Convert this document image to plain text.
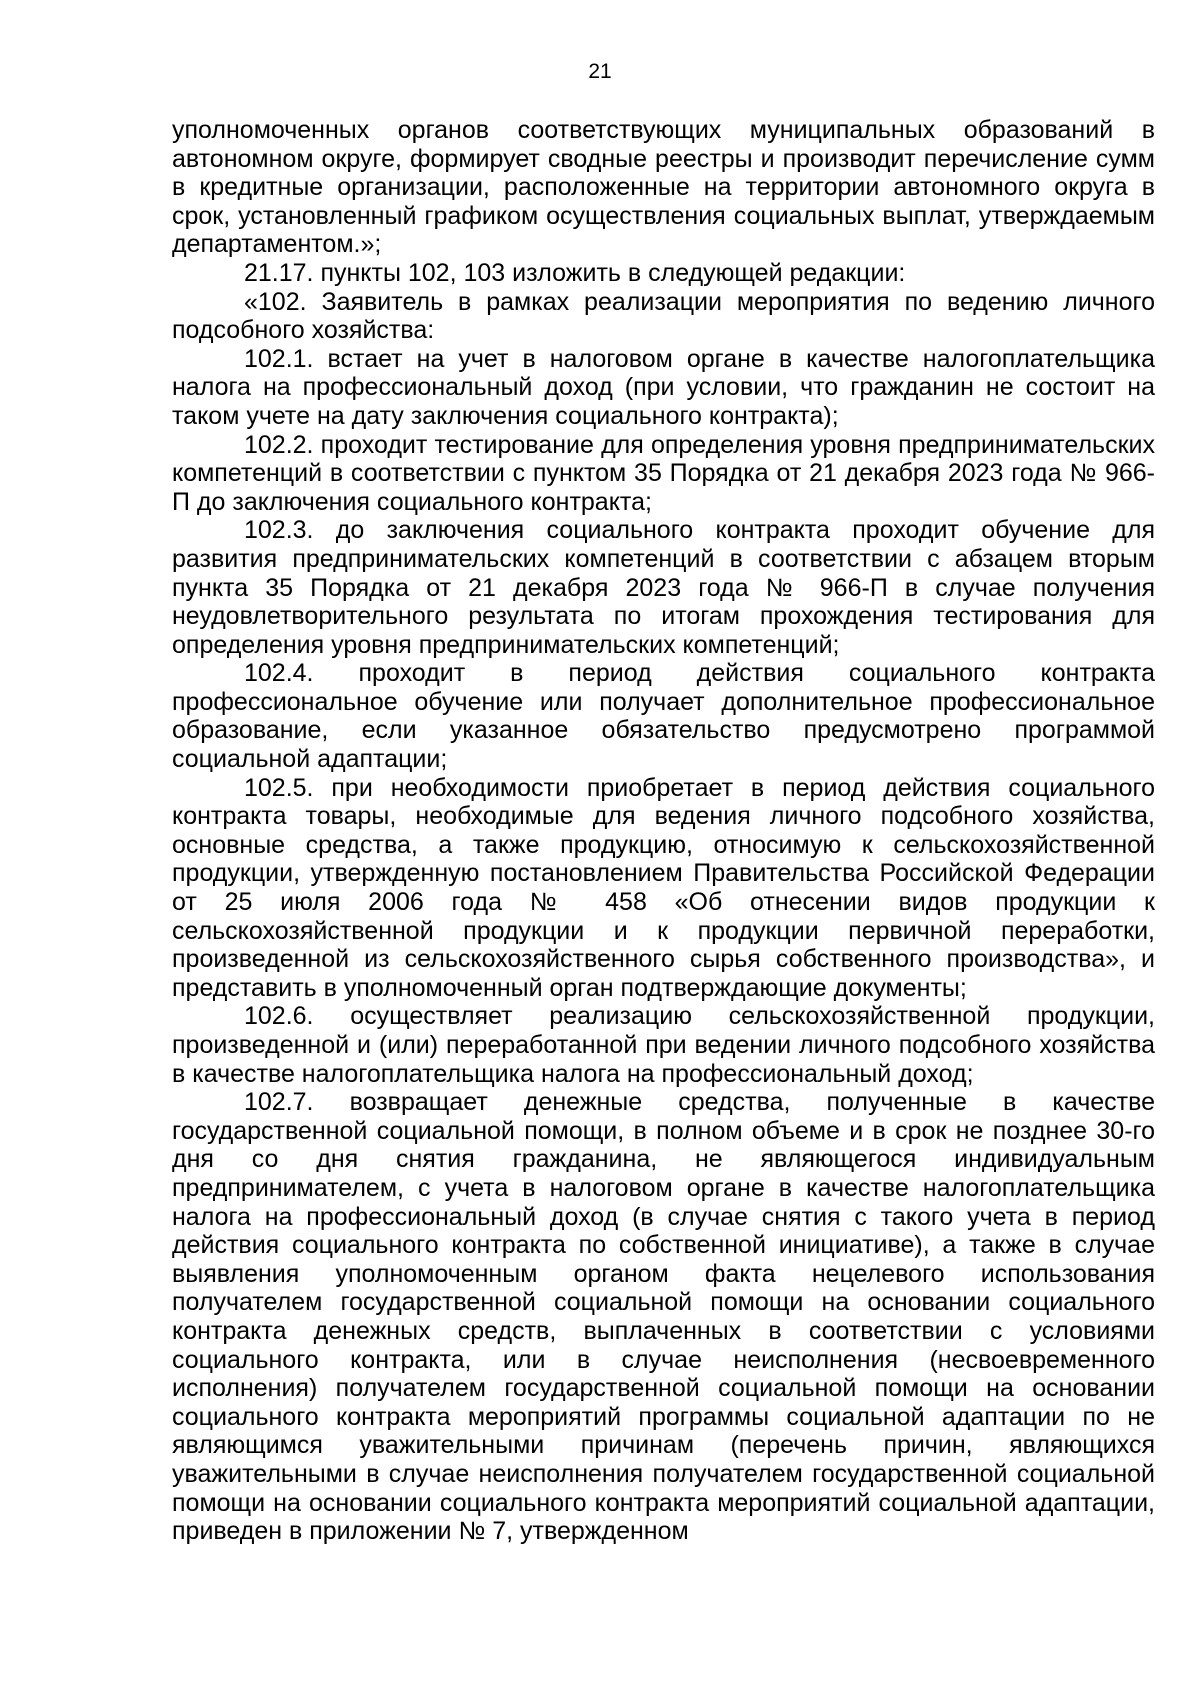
21

уполномоченных органов соответствующих муниципальных образований в автономном округе, формирует сводные реестры и производит перечисление сумм в кредитные организации, расположенные на территории автономного округа в срок, установленный графиком осуществления социальных выплат, утверждаемым департаментом.»;

21.17. пункты 102, 103 изложить в следующей редакции:

«102. Заявитель в рамках реализации мероприятия по ведению личного подсобного хозяйства:

102.1. встает на учет в налоговом органе в качестве налогоплательщика налога на профессиональный доход (при условии, что гражданин не состоит на таком учете на дату заключения социального контракта);

102.2. проходит тестирование для определения уровня предпринимательских компетенций в соответствии с пунктом 35 Порядка от 21 декабря 2023 года № 966-П до заключения социального контракта;

102.3. до заключения социального контракта проходит обучение для развития предпринимательских компетенций в соответствии с абзацем вторым пункта 35 Порядка от 21 декабря 2023 года № 966-П в случае получения неудовлетворительного результата по итогам прохождения тестирования для определения уровня предпринимательских компетенций;

102.4. проходит в период действия социального контракта профессиональное обучение или получает дополнительное профессиональное образование, если указанное обязательство предусмотрено программой социальной адаптации;

102.5. при необходимости приобретает в период действия социального контракта товары, необходимые для ведения личного подсобного хозяйства, основные средства, а также продукцию, относимую к сельскохозяйственной продукции, утвержденную постановлением Правительства Российской Федерации от 25 июля 2006 года № 458 «Об отнесении видов продукции к сельскохозяйственной продукции и к продукции первичной переработки, произведенной из сельскохозяйственного сырья собственного производства», и представить в уполномоченный орган подтверждающие документы;

102.6. осуществляет реализацию сельскохозяйственной продукции, произведенной и (или) переработанной при ведении личного подсобного хозяйства в качестве налогоплательщика налога на профессиональный доход;

102.7. возвращает денежные средства, полученные в качестве государственной социальной помощи, в полном объеме и в срок не позднее 30-го дня со дня снятия гражданина, не являющегося индивидуальным предпринимателем, с учета в налоговом органе в качестве налогоплательщика налога на профессиональный доход (в случае снятия с такого учета в период действия социального контракта по собственной инициативе), а также в случае выявления уполномоченным органом факта нецелевого использования получателем государственной социальной помощи на основании социального контракта денежных средств, выплаченных в соответствии с условиями социального контракта, или в случае неисполнения (несвоевременного исполнения) получателем государственной социальной помощи на основании социального контракта мероприятий программы социальной адаптации по не являющимся уважительными причинам (перечень причин, являющихся уважительными в случае неисполнения получателем государственной социальной помощи на основании социального контракта мероприятий социальной адаптации, приведен в приложении № 7, утвержденном
